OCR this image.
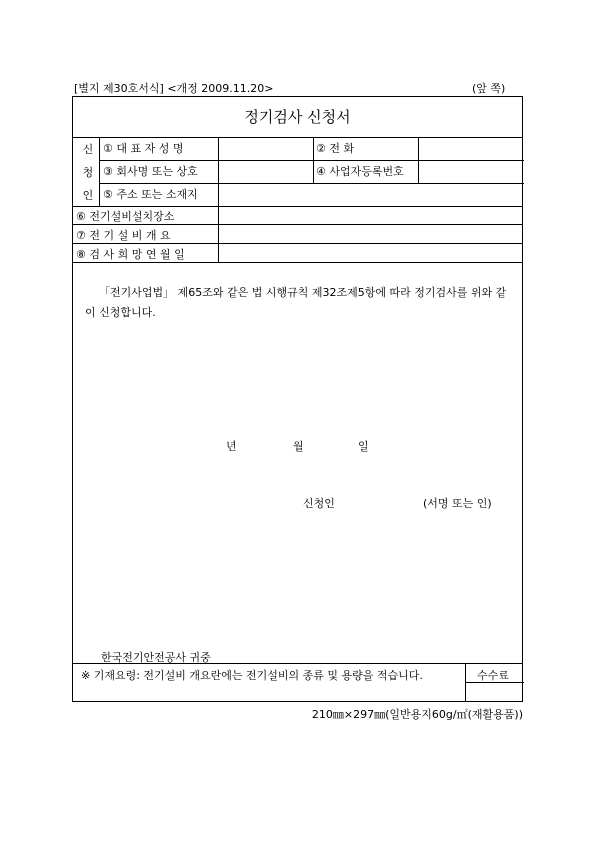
[별지 제30호서식] <개정 2009.11.20>	(앞 쪽)
정기검사 신청서
신
청
인
① 대 표 자 성 명	② 전 화
③ 회사명 또는 상호	④ 사업자등록번호
⑤ 주소 또는 소재지
⑥ 전기설비설치장소
⑦ 전 기 설 비 개 요
⑧ 검 사 희 망 연 월 일
「전기사업법」 제65조와 같은 법 시행규칙 제32조제5항에 따라 정기검사를 위와 같이 신청합니다.
년	월	일
신청인	(서명 또는 인)
한국전기안전공사 귀중
※ 기재요령: 전기설비 개요란에는 전기설비의 종류 및 용량을 적습니다.	수수료
210㎜×297㎜(일반용지60g/㎡(재활용품))
